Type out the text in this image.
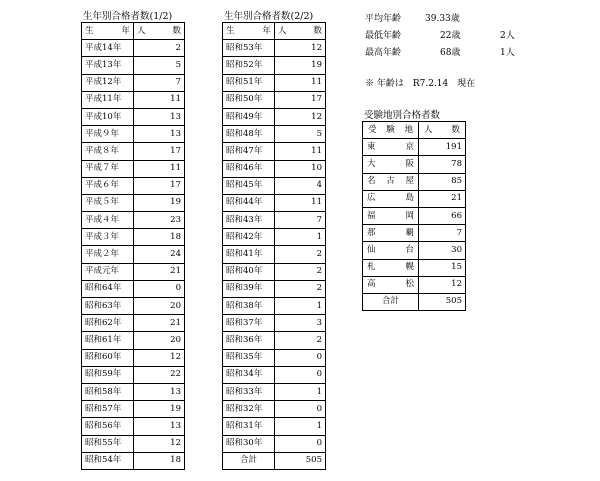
生年別合格者数(1/2)
生 年	人 数
平成14年	2
平成13年	5
平成12年	7
平成11年	11
平成10年	13
平成９年	13
平成８年	17
平成７年	11
平成６年	17
平成５年	19
平成４年	23
平成３年	18
平成２年	24
平成元年	21
昭和64年	0
昭和63年	20
昭和62年	21
昭和61年	20
昭和60年	12
昭和59年	22
昭和58年	13
昭和57年	19
昭和56年	13
昭和55年	12
昭和54年	18
生年別合格者数(2/2)
生 年	人 数
昭和53年	12
昭和52年	19
昭和51年	11
昭和50年	17
昭和49年	12
昭和48年	5
昭和47年	11
昭和46年	10
昭和45年	4
昭和44年	11
昭和43年	7
昭和42年	1
昭和41年	2
昭和40年	2
昭和39年	2
昭和38年	1
昭和37年	3
昭和36年	2
昭和35年	0
昭和34年	0
昭和33年	1
昭和32年	0
昭和31年	1
昭和30年	0
合計	505
平均年齢	39.33歳
最低年齢	22歳	2人
最高年齢	68歳	1人
※ 年齢は　R7.2.14　現在
受験地別合格者数
受 験 地	人 数
東京	191
大阪	78
名古屋	85
広島	21
福岡	66
那覇	7
仙台	30
札幌	15
高松	12
合計	505
